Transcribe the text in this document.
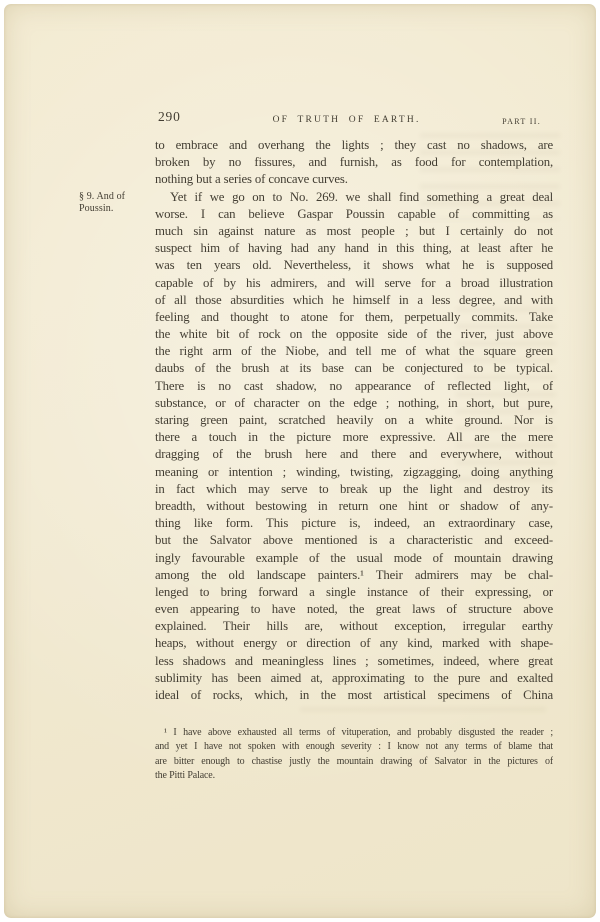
290	OF TRUTH OF EARTH.	PART II.
§ 9. And of
Poussin.
to embrace and overhang the lights ; they cast no shadows, are
broken by no fissures, and furnish, as food for contemplation,
nothing but a series of concave curves.
Yet if we go on to No. 269. we shall find something a great deal
worse. I can believe Gaspar Poussin capable of committing as
much sin against nature as most people ; but I certainly do not
suspect him of having had any hand in this thing, at least after he
was ten years old. Nevertheless, it shows what he is supposed
capable of by his admirers, and will serve for a broad illustration
of all those absurdities which he himself in a less degree, and with
feeling and thought to atone for them, perpetually commits. Take
the white bit of rock on the opposite side of the river, just above
the right arm of the Niobe, and tell me of what the square green
daubs of the brush at its base can be conjectured to be typical.
There is no cast shadow, no appearance of reflected light, of
substance, or of character on the edge ; nothing, in short, but pure,
staring green paint, scratched heavily on a white ground. Nor is
there a touch in the picture more expressive. All are the mere
dragging of the brush here and there and everywhere, without
meaning or intention ; winding, twisting, zigzagging, doing anything
in fact which may serve to break up the light and destroy its
breadth, without bestowing in return one hint or shadow of any-
thing like form. This picture is, indeed, an extraordinary case,
but the Salvator above mentioned is a characteristic and exceed-
ingly favourable example of the usual mode of mountain drawing
among the old landscape painters.¹ Their admirers may be chal-
lenged to bring forward a single instance of their expressing, or
even appearing to have noted, the great laws of structure above
explained. Their hills are, without exception, irregular earthy
heaps, without energy or direction of any kind, marked with shape-
less shadows and meaningless lines ; sometimes, indeed, where great
sublimity has been aimed at, approximating to the pure and exalted
ideal of rocks, which, in the most artistical specimens of China
¹ I have above exhausted all terms of vituperation, and probably disgusted the reader ;
and yet I have not spoken with enough severity : I know not any terms of blame that
are bitter enough to chastise justly the mountain drawing of Salvator in the pictures of
the Pitti Palace.
